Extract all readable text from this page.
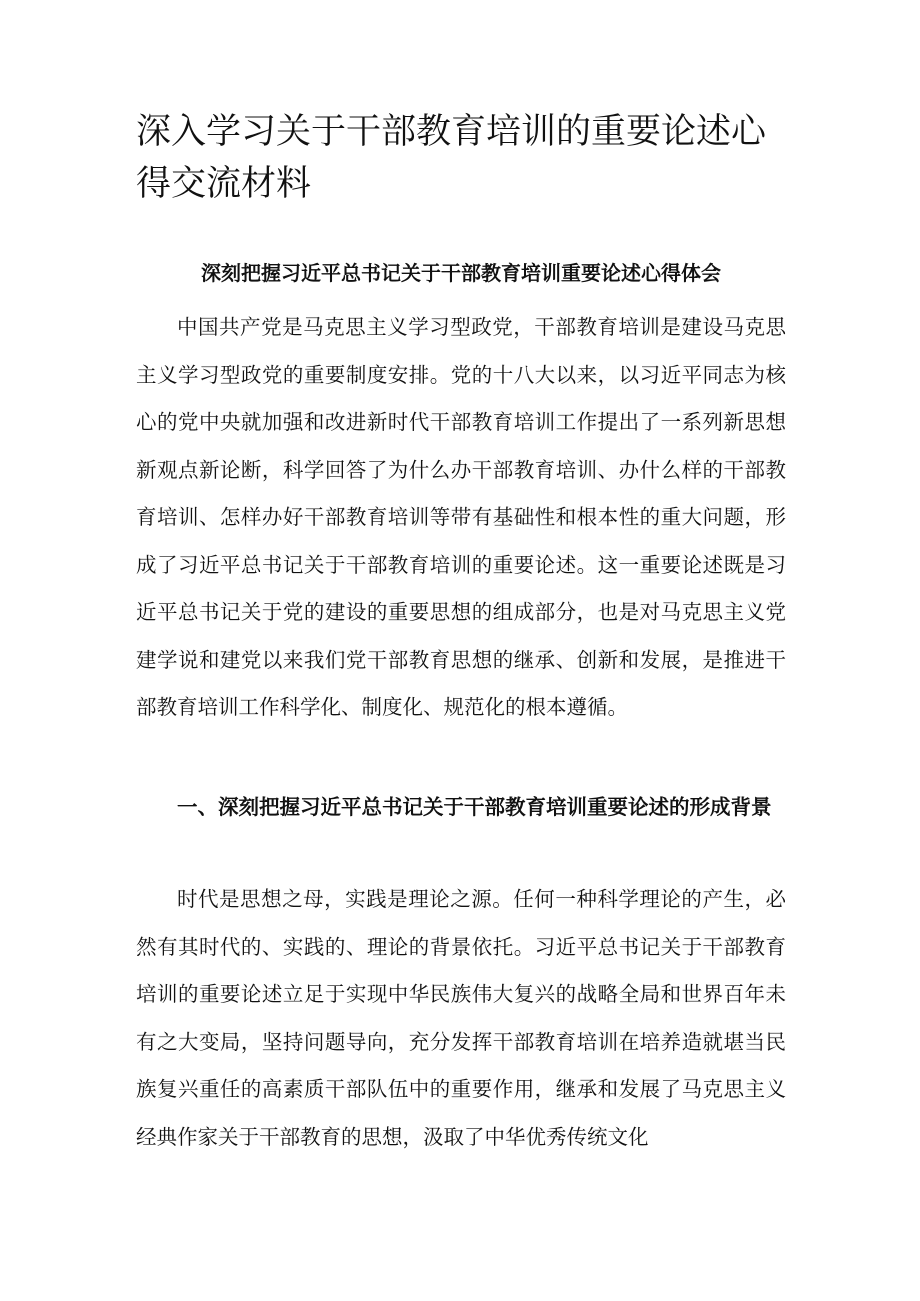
深入学习关于干部教育培训的重要论述心得交流材料
深刻把握习近平总书记关于干部教育培训重要论述心得体会

中国共产党是马克思主义学习型政党，干部教育培训是建设马克思主义学习型政党的重要制度安排。党的十八大以来，以习近平同志为核心的党中央就加强和改进新时代干部教育培训工作提出了一系列新思想新观点新论断，科学回答了为什么办干部教育培训、办什么样的干部教育培训、怎样办好干部教育培训等带有基础性和根本性的重大问题，形成了习近平总书记关于干部教育培训的重要论述。这一重要论述既是习近平总书记关于党的建设的重要思想的组成部分，也是对马克思主义党建学说和建党以来我们党干部教育思想的继承、创新和发展，是推进干部教育培训工作科学化、制度化、规范化的根本遵循。

一、深刻把握习近平总书记关于干部教育培训重要论述的形成背景

时代是思想之母，实践是理论之源。任何一种科学理论的产生，必然有其时代的、实践的、理论的背景依托。习近平总书记关于干部教育培训的重要论述立足于实现中华民族伟大复兴的战略全局和世界百年未有之大变局，坚持问题导向，充分发挥干部教育培训在培养造就堪当民族复兴重任的高素质干部队伍中的重要作用，继承和发展了马克思主义经典作家关于干部教育的思想，汲取了中华优秀传统文化
